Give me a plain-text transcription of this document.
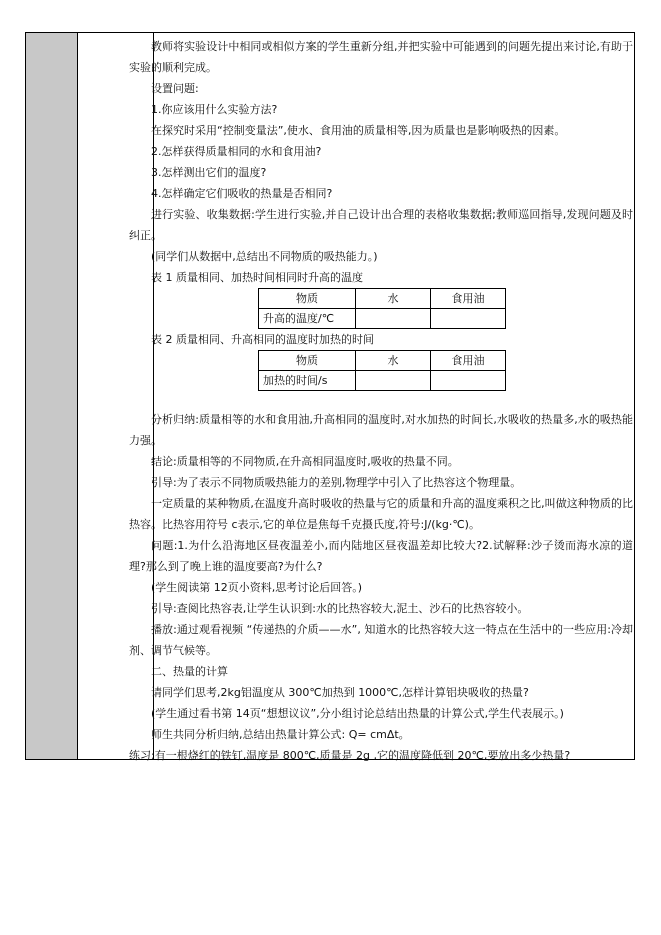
教师将实验设计中相同或相似方案的学生重新分组,并把实验中可能遇到的问题先提出来讨论,有助于实验的顺利完成。

设置问题:

1.你应该用什么实验方法?

在探究时采用“控制变量法”,使水、食用油的质量相等,因为质量也是影响吸热的因素。

2.怎样获得质量相同的水和食用油?

3.怎样测出它们的温度?

4.怎样确定它们吸收的热量是否相同?

进行实验、收集数据:学生进行实验,并自己设计出合理的表格收集数据;教师巡回指导,发现问题及时纠正。

(同学们从数据中,总结出不同物质的吸热能力。)

表 1 质量相同、加热时间相同时升高的温度

物质	水	食用油
升高的温度/℃		

表 2 质量相同、升高相同的温度时加热的时间

物质	水	食用油
加热的时间/s		

分析归纳:质量相等的水和食用油,升高相同的温度时,对水加热的时间长,水吸收的热量多,水的吸热能力强。

结论:质量相等的不同物质,在升高相同温度时,吸收的热量不同。

引导:为了表示不同物质吸热能力的差别,物理学中引入了比热容这个物理量。

一定质量的某种物质,在温度升高时吸收的热量与它的质量和升高的温度乘积之比,叫做这种物质的比热容。比热容用符号 c表示,它的单位是焦每千克摄氏度,符号:J/(kg·℃)。

问题:1.为什么沿海地区昼夜温差小,而内陆地区昼夜温差却比较大?2.试解释:沙子烫而海水凉的道理?那么到了晚上谁的温度要高?为什么?

(学生阅读第 12页小资料,思考讨论后回答。)

引导:查阅比热容表,让学生认识到:水的比热容较大,泥土、沙石的比热容较小。

播放:通过观看视频 “传递热的介质——水”, 知道水的比热容较大这一特点在生活中的一些应用:冷却剂、调节气候等。

二、热量的计算

请同学们思考,2kg铝温度从 300℃加热到 1000℃,怎样计算铝块吸收的热量?

(学生通过看书第 14页“想想议议”,分小组讨论总结出热量的计算公式,学生代表展示。)

师生共同分析归纳,总结出热量计算公式: Q= cmΔt。

练习:有一根烧红的铁钉,温度是 800℃,质量是 2g ,它的温度降低到 20℃,要放出多少热量?
